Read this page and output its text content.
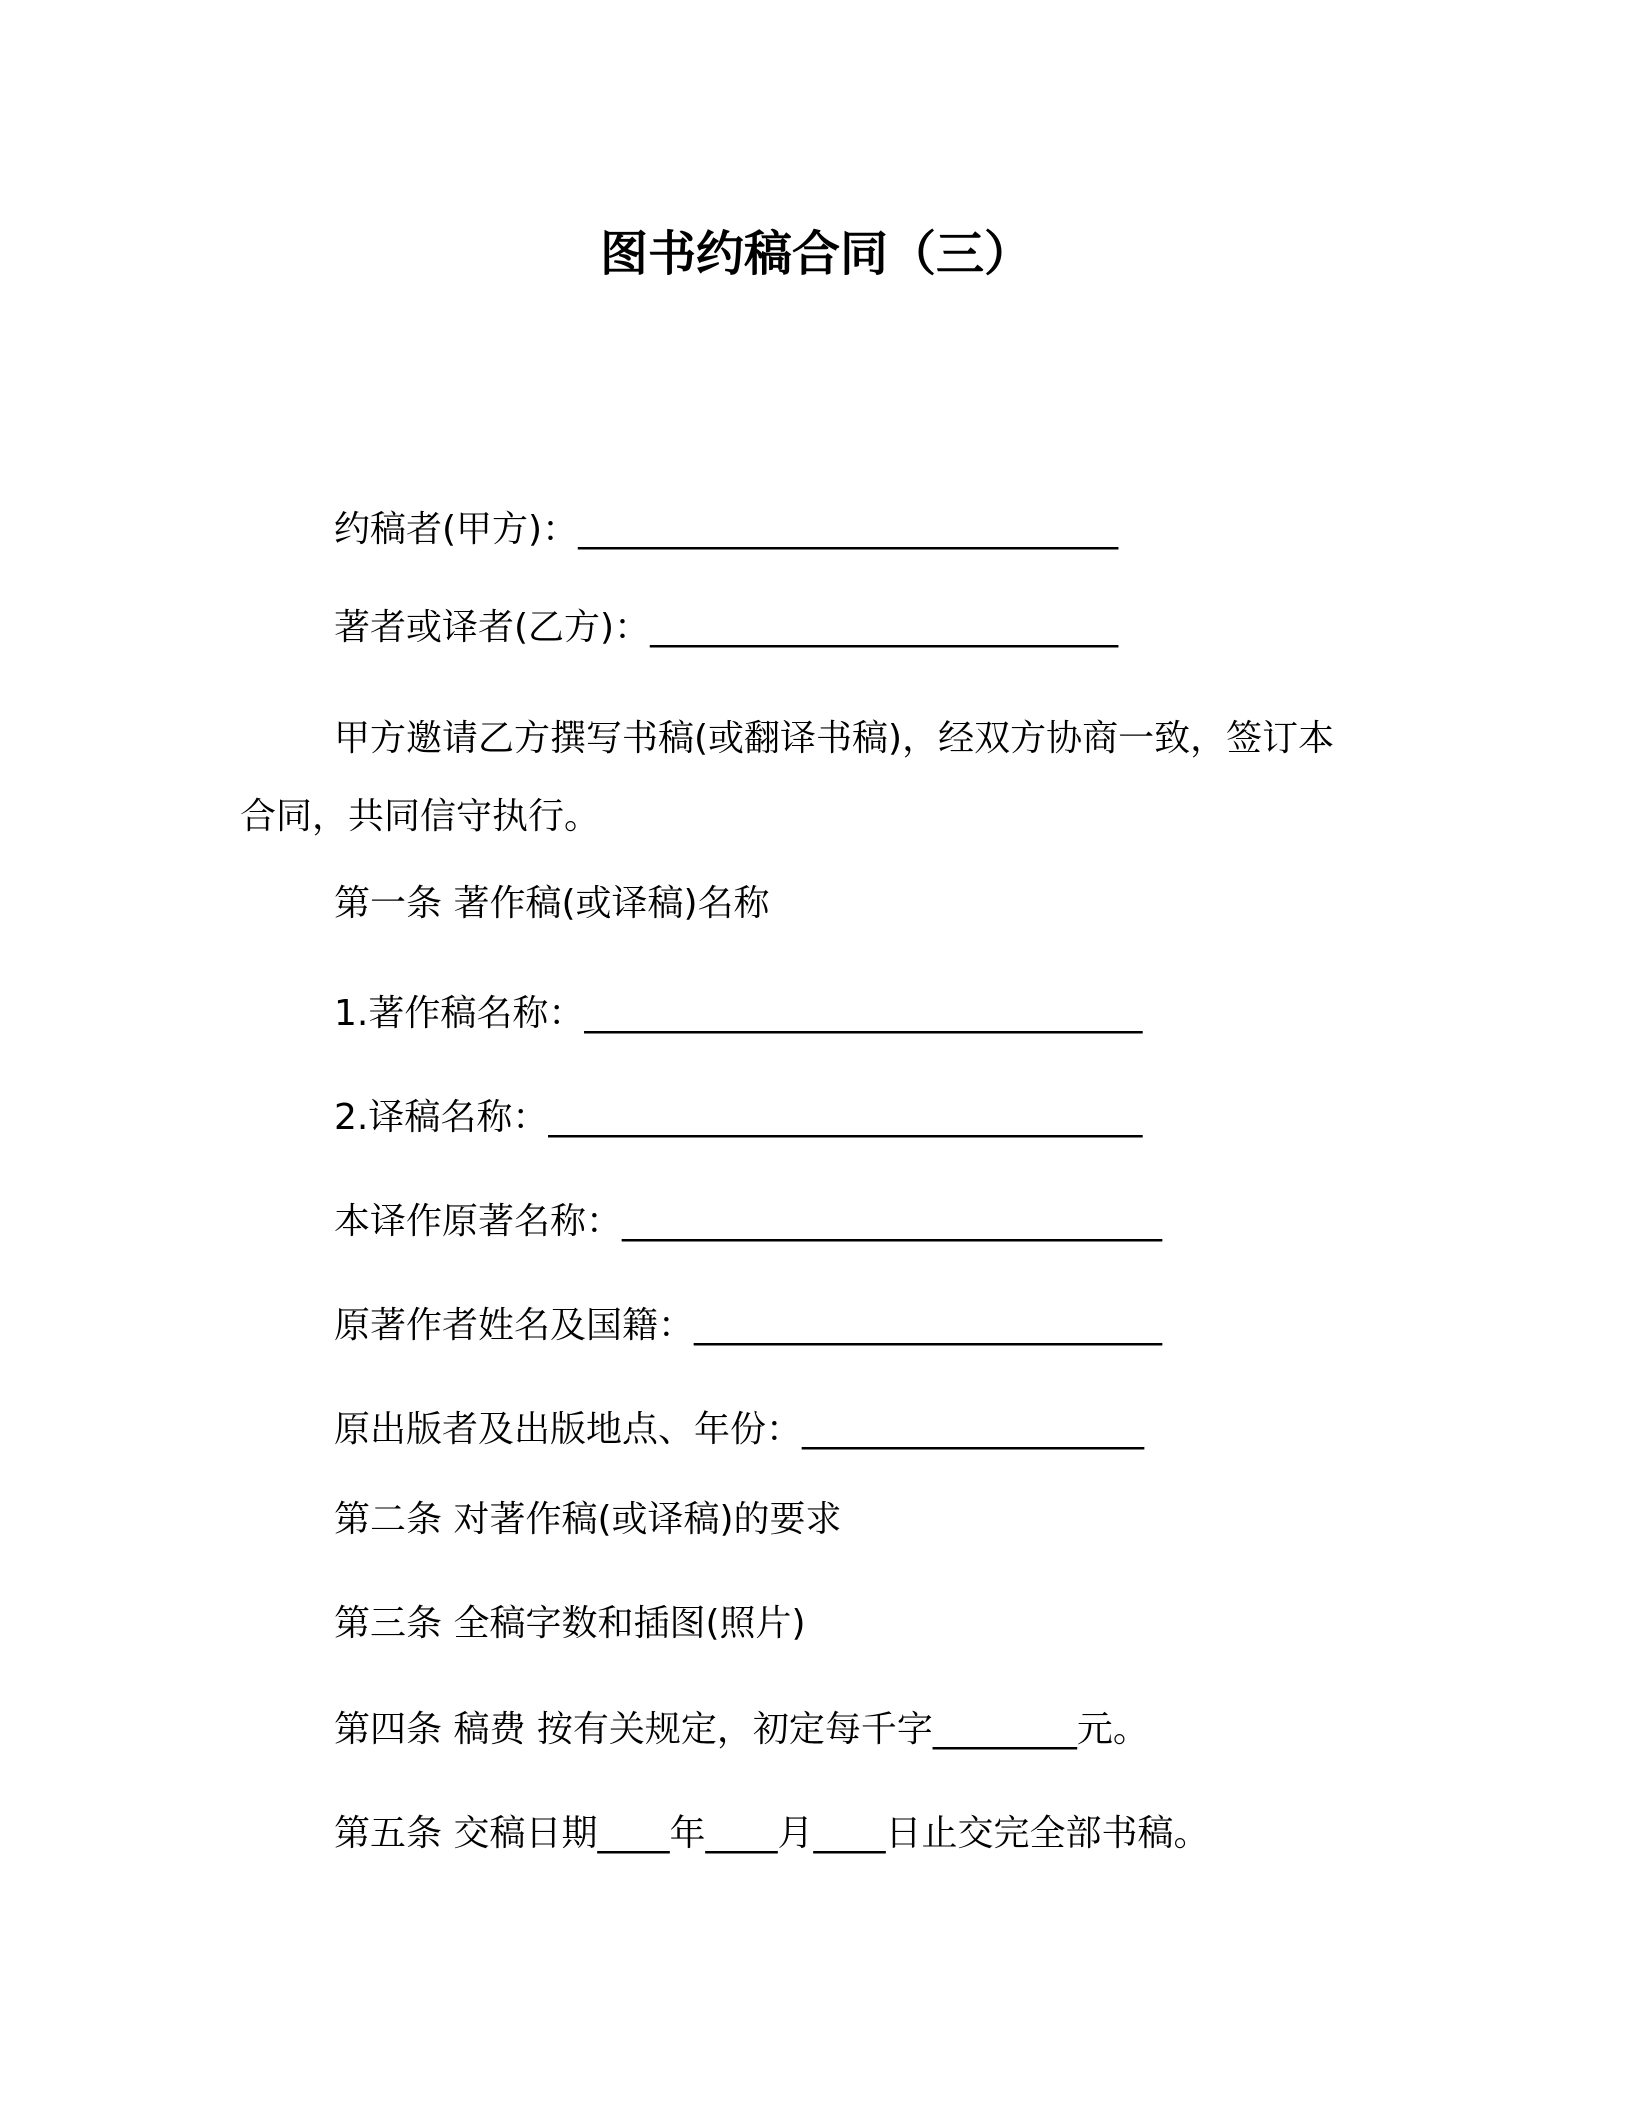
图书约稿合同（三）
约稿者(甲方)：______________________________
著者或译者(乙方)：__________________________
甲方邀请乙方撰写书稿(或翻译书稿)，经双方协商一致，签订本合同，共同信守执行。
第一条 著作稿(或译稿)名称
1.著作稿名称：_______________________________
2.译稿名称：_________________________________
本译作原著名称：______________________________
原著作者姓名及国籍：__________________________
原出版者及出版地点、年份：___________________
第二条 对著作稿(或译稿)的要求
第三条 全稿字数和插图(照片)
第四条 稿费 按有关规定，初定每千字________元。
第五条 交稿日期____年____月____日止交完全部书稿。
